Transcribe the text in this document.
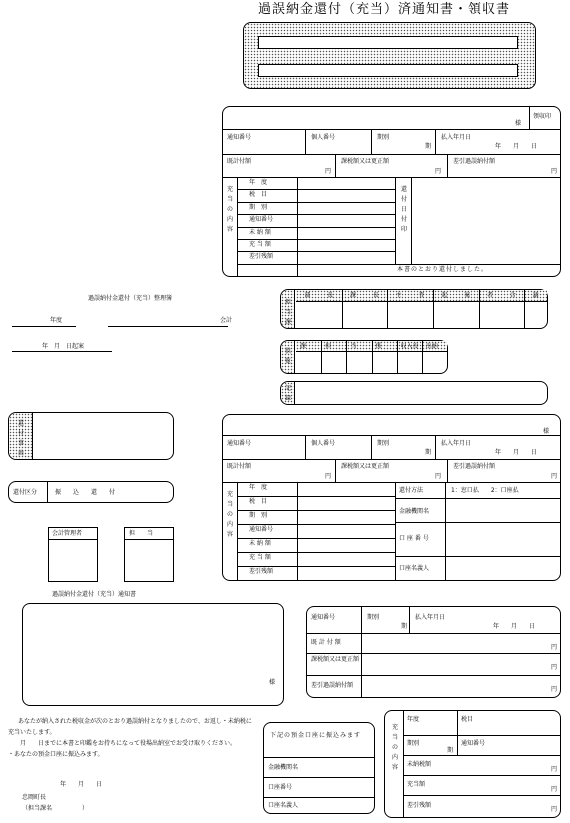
過誤納金還付（充当）済通知書・領収書
領収印
様
通知番号	個人番号	期別
期
払入年月日
年　　月　　日
既計付額
円
課税額又は更正額
円
差引過誤納付額
円
充当の内容
還付日付印
本書のとおり還付しました。
年　度
税　目
期　別
通知番号
未 納 額
充 当 額
差引残額
過誤納付金還付（充当）整理簿
年度	会計
年　月　日起案
担当課
部	長	課	長	主	査	起	案	者	合	議
供覧
課	担	当	係	収入役 出納
記録
還付事由
還付区分	振　　込　　還　　付
会計管理者	担　　当
様
通知番号	個人番号	期別
期
払入年月日
年　　月　　日
既計付額
円
課税額又は更正額
円
差引過誤納付額
円
充当の内容
還付方法	1：窓口払　　2：口座払
金融機関名
口 座 番 号
口座名義人
年　度
税　目
期　別
通知番号
未 納 額
充 当 額
差引残額
過誤納付金還付（充当）通知書
様
あなたが納入された税収金が次のとおり過誤納付となりましたので、お返し・未納税に充当いたします。
　　月　　日までに本書と印鑑をお持ちになって役場出納室でお受け取りください。
・あなたの預金口座に振込みます。
年　　月　　日
忠岡町長
（担当課名　　　　　）
通知番号	期別
期
払入年月日
年　　月　　日
既 計 付 額
円
課税額又は更正額
円
差引過誤納付額
円
下記の預金口座に振込みます
金融機関名
口座番号
口座名義人
充当の内容
年度	税目
期別
期
通知番号
未納税額
円
充当額
円
差引残額
円
